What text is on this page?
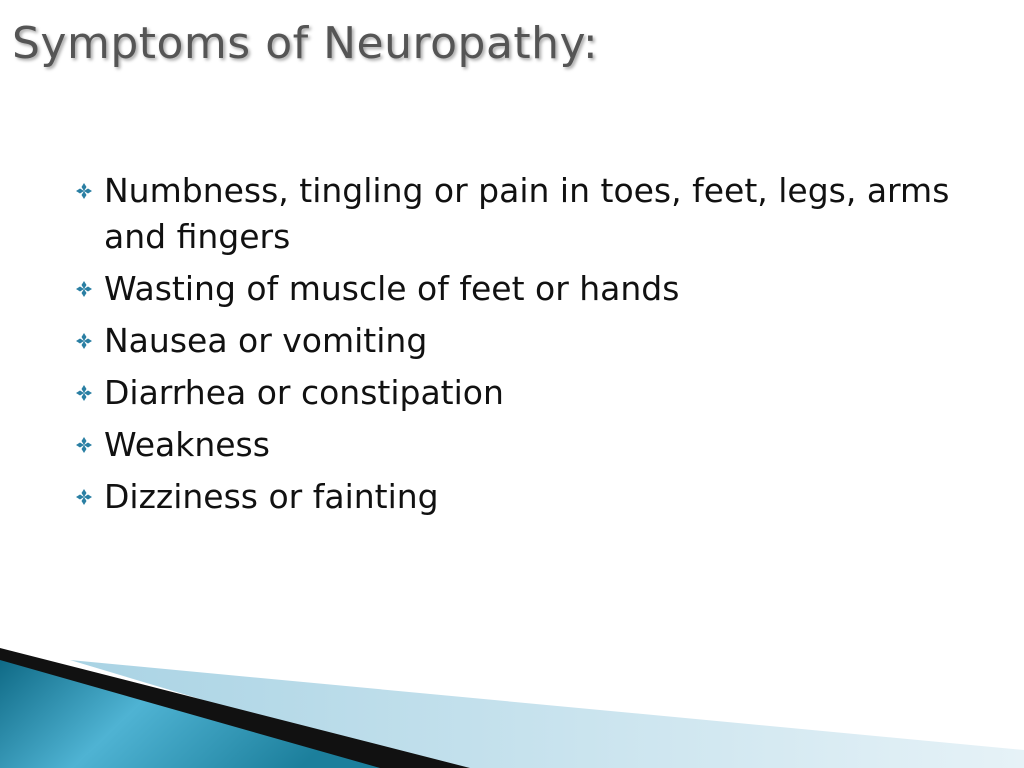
Symptoms of Neuropathy:
Numbness, tingling or pain in toes, feet, legs, arms and fingers
Wasting of muscle of feet or hands
Nausea or vomiting
Diarrhea or constipation
Weakness
Dizziness or fainting
